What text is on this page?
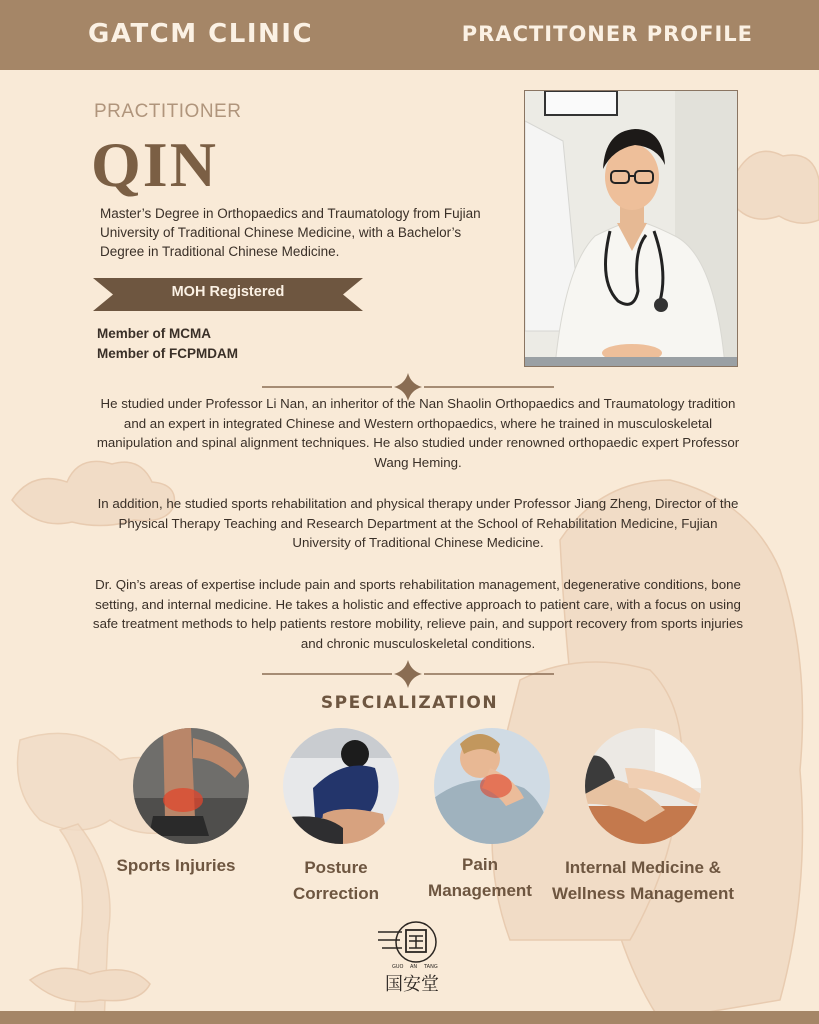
GATCM CLINIC	PRACTITONER PROFILE
PRACTITIONER
QIN
Master’s Degree in Orthopaedics and Traumatology from Fujian University of Traditional Chinese Medicine, with a Bachelor’s Degree in Traditional Chinese Medicine.
MOH Registered
Member of MCMA
Member of FCPMDAM

He studied under Professor Li Nan, an inheritor of the Nan Shaolin Orthopaedics and Traumatology tradition and an expert in integrated Chinese and Western orthopaedics, where he trained in musculoskeletal manipulation and spinal alignment techniques. He also studied under renowned orthopaedic expert Professor Wang Heming.

In addition, he studied sports rehabilitation and physical therapy under Professor Jiang Zheng, Director of the Physical Therapy Teaching and Research Department at the School of Rehabilitation Medicine, Fujian University of Traditional Chinese Medicine.

Dr. Qin’s areas of expertise include pain and sports rehabilitation management, degenerative conditions, bone setting, and internal medicine. He takes a holistic and effective approach to patient care, with a focus on using safe treatment methods to help patients restore mobility, relieve pain, and support recovery from sports injuries and chronic musculoskeletal conditions.

SPECIALIZATION
Sports Injuries	Posture
Correction
Pain
Management
Internal Medicine &
Wellness Management
GUO AN TANG
国安堂
